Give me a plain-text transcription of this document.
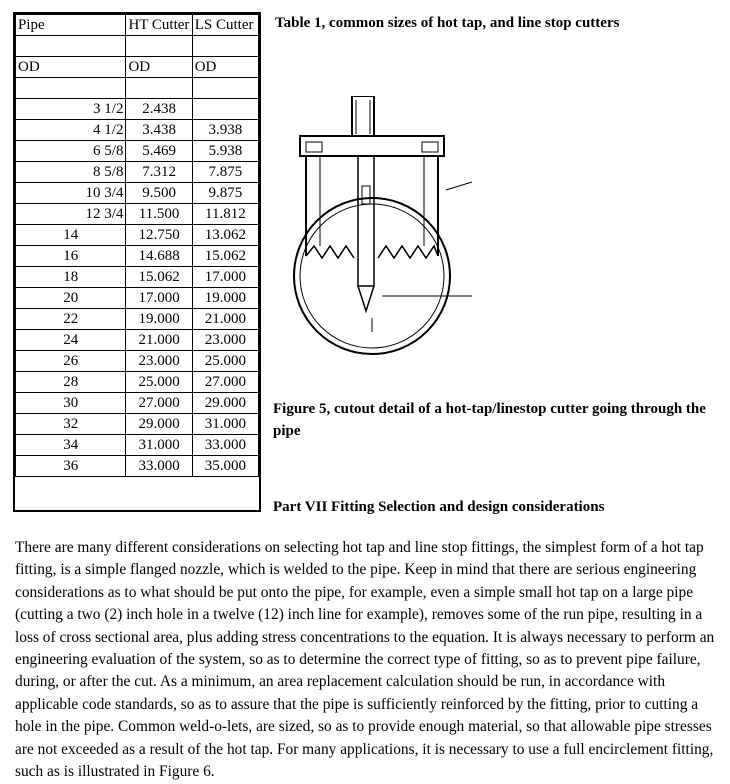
Pipe	HT Cutter	LS Cutter

OD	OD	OD

3 1/2	2.438	
4 1/2	3.438	3.938
6 5/8	5.469	5.938
8 5/8	7.312	7.875
10 3/4	9.500	9.875
12 3/4	11.500	11.812
14	12.750	13.062
16	14.688	15.062
18	15.062	17.000
20	17.000	19.000
22	19.000	21.000
24	21.000	23.000
26	23.000	25.000
28	25.000	27.000
30	27.000	29.000
32	29.000	31.000
34	31.000	33.000
36	33.000	35.000
Table 1, common sizes of hot tap, and line stop cutters
Figure 5, cutout detail of a hot-tap/linestop cutter going through the pipe
Part VII Fitting Selection and design considerations
There are many different considerations on selecting hot tap and line stop fittings, the simplest form of a hot tap fitting, is a simple flanged nozzle, which is welded to the pipe. Keep in mind that there are serious engineering considerations as to what should be put onto the pipe, for example, even a simple small hot tap on a large pipe (cutting a two (2) inch hole in a twelve (12) inch line for example), removes some of the run pipe, resulting in a loss of cross sectional area, plus adding stress concentrations to the equation. It is always necessary to perform an engineering evaluation of the system, so as to determine the correct type of fitting, so as to prevent pipe failure, during, or after the cut. As a minimum, an area replacement calculation should be run, in accordance with applicable code standards, so as to assure that the pipe is sufficiently reinforced by the fitting, prior to cutting a hole in the pipe. Common weld-o-lets, are sized, so as to provide enough material, so that allowable pipe stresses are not exceeded as a result of the hot tap. For many applications, it is necessary to use a full encirclement fitting, such as is illustrated in Figure 6.
